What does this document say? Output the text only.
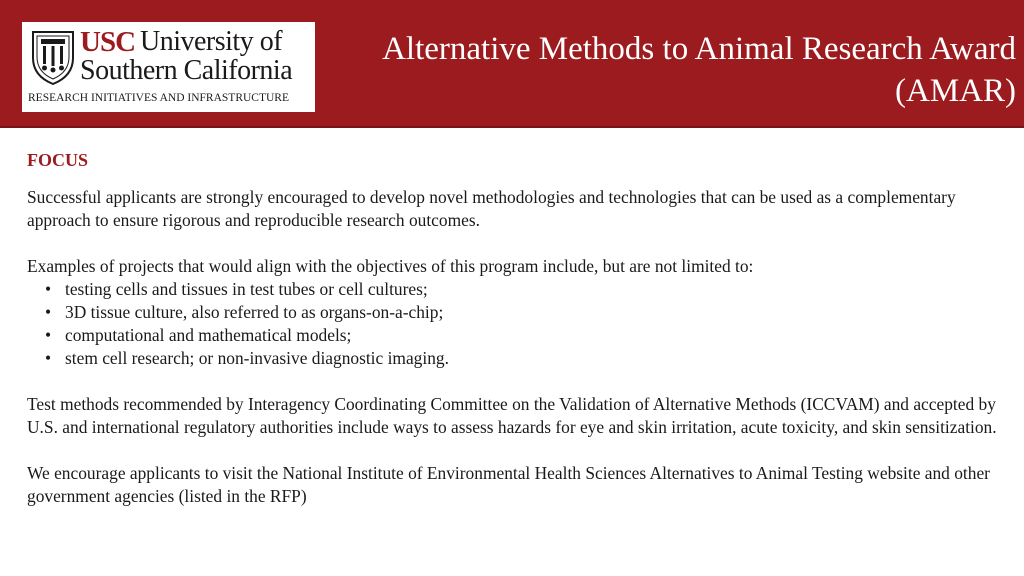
USC University of
Southern California
RESEARCH INITIATIVES AND INFRASTRUCTURE
Alternative Methods to Animal Research Award
(AMAR)
FOCUS

Successful applicants are strongly encouraged to develop novel methodologies and technologies that can be used as a complementary approach to ensure rigorous and reproducible research outcomes.

Examples of projects that would align with the objectives of this program include, but are not limited to:

• testing cells and tissues in test tubes or cell cultures;
• 3D tissue culture, also referred to as organs-on-a-chip;
• computational and mathematical models;
• stem cell research; or non-invasive diagnostic imaging.

Test methods recommended by Interagency Coordinating Committee on the Validation of Alternative Methods (ICCVAM) and accepted by U.S. and international regulatory authorities include ways to assess hazards for eye and skin irritation, acute toxicity, and skin sensitization.

We encourage applicants to visit the National Institute of Environmental Health Sciences Alternatives to Animal Testing website and other government agencies (listed in the RFP)
